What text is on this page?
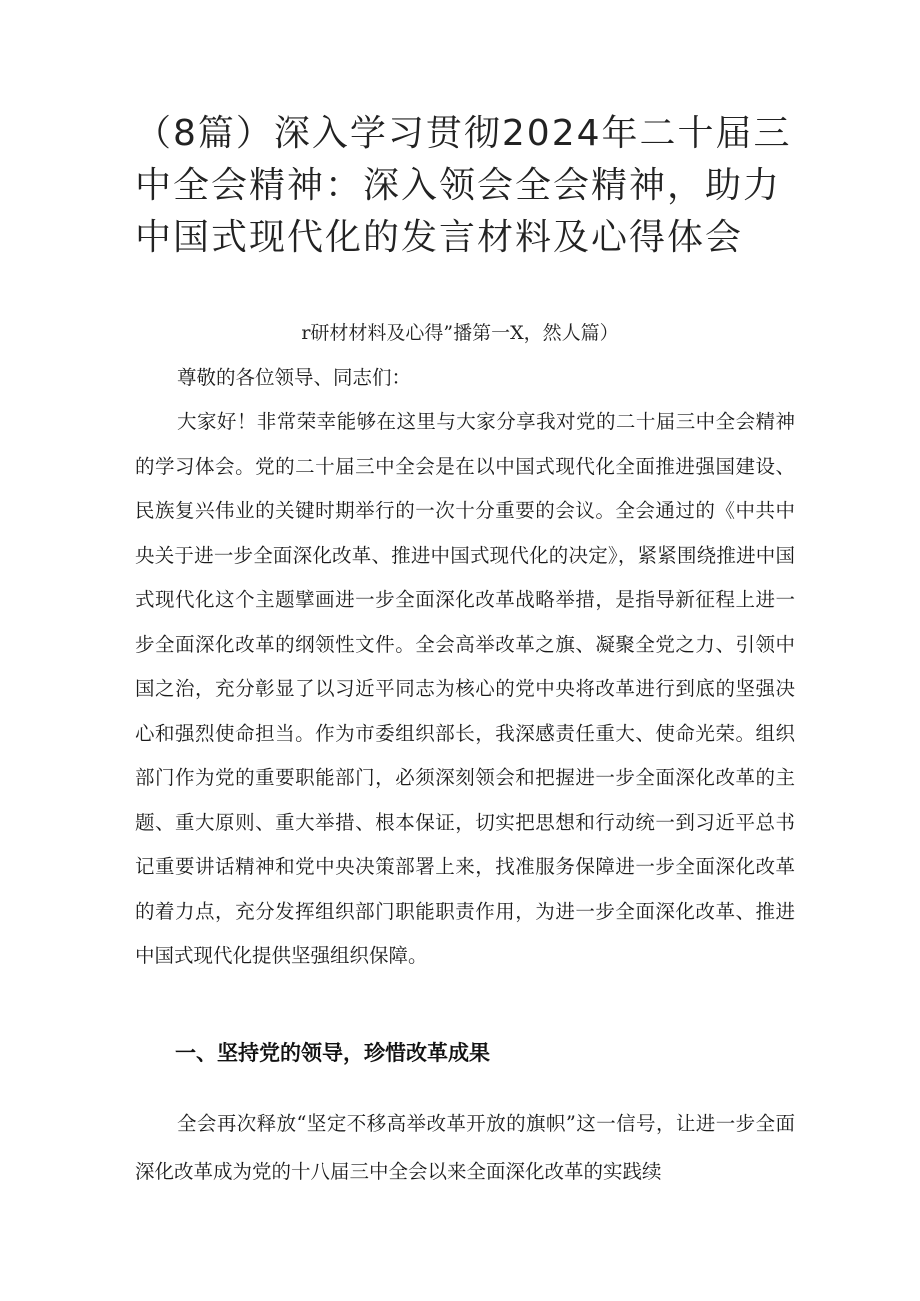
（8篇）深入学习贯彻2024年二十届三中全会精神：深入领会全会精神，助力中国式现代化的发言材料及心得体会
r研材材料及心得”播第一X，然人篇）
尊敬的各位领导、同志们：
大家好！非常荣幸能够在这里与大家分享我对党的二十届三中全会精神的学习体会。党的二十届三中全会是在以中国式现代化全面推进强国建设、民族复兴伟业的关键时期举行的一次十分重要的会议。全会通过的《中共中央关于进一步全面深化改革、推进中国式现代化的决定》，紧紧围绕推进中国式现代化这个主题擘画进一步全面深化改革战略举措，是指导新征程上进一步全面深化改革的纲领性文件。全会高举改革之旗、凝聚全党之力、引领中国之治，充分彰显了以习近平同志为核心的党中央将改革进行到底的坚强决心和强烈使命担当。作为市委组织部长，我深感责任重大、使命光荣。组织部门作为党的重要职能部门，必须深刻领会和把握进一步全面深化改革的主题、重大原则、重大举措、根本保证，切实把思想和行动统一到习近平总书记重要讲话精神和党中央决策部署上来，找准服务保障进一步全面深化改革的着力点，充分发挥组织部门职能职责作用，为进一步全面深化改革、推进中国式现代化提供坚强组织保障。
一、坚持党的领导，珍惜改革成果
全会再次释放“坚定不移高举改革开放的旗帜”这一信号，让进一步全面深化改革成为党的十八届三中全会以来全面深化改革的实践续
